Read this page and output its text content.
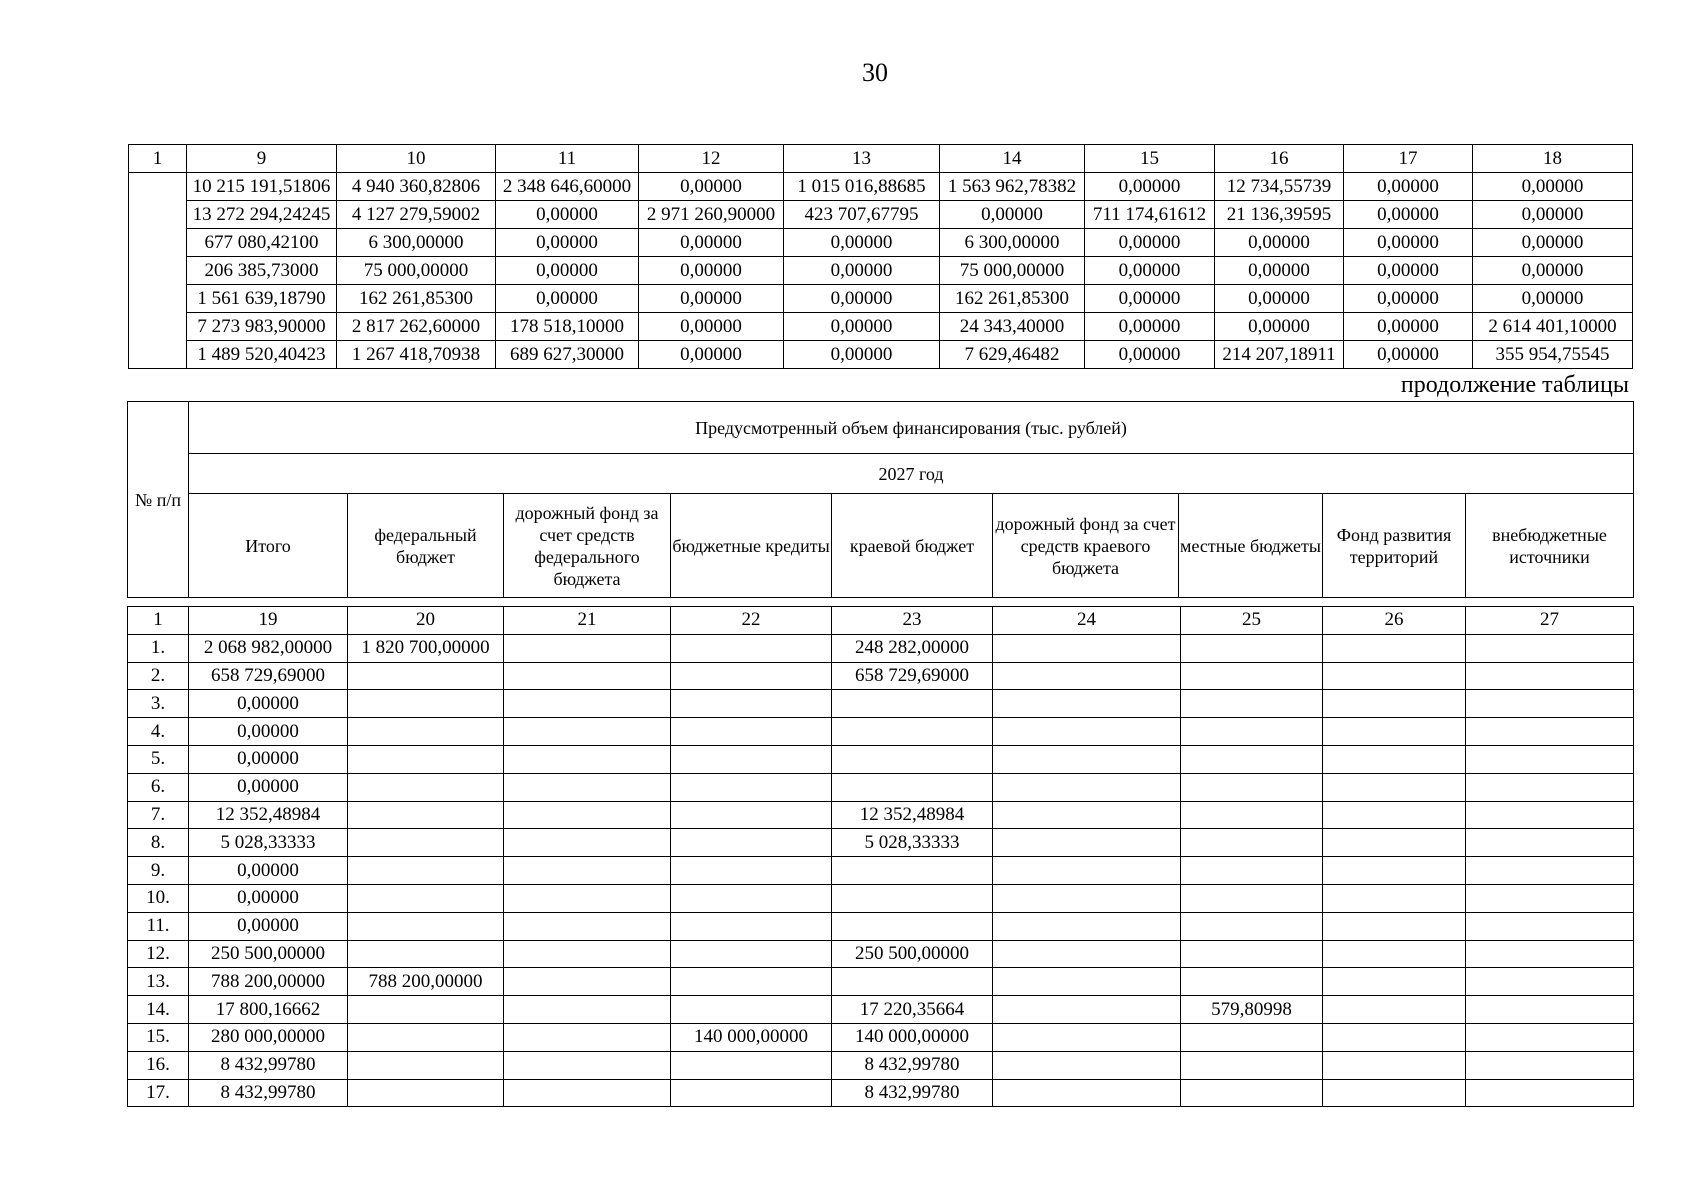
30
1	9	10	11	12	13	14	15	16	17	18
	10 215 191,51806	4 940 360,82806	2 348 646,60000	0,00000	1 015 016,88685	1 563 962,78382	0,00000	12 734,55739	0,00000	0,00000
	13 272 294,24245	4 127 279,59002	0,00000	2 971 260,90000	423 707,67795	0,00000	711 174,61612	21 136,39595	0,00000	0,00000
	677 080,42100	6 300,00000	0,00000	0,00000	0,00000	6 300,00000	0,00000	0,00000	0,00000	0,00000
	206 385,73000	75 000,00000	0,00000	0,00000	0,00000	75 000,00000	0,00000	0,00000	0,00000	0,00000
	1 561 639,18790	162 261,85300	0,00000	0,00000	0,00000	162 261,85300	0,00000	0,00000	0,00000	0,00000
	7 273 983,90000	2 817 262,60000	178 518,10000	0,00000	0,00000	24 343,40000	0,00000	0,00000	0,00000	2 614 401,10000
	1 489 520,40423	1 267 418,70938	689 627,30000	0,00000	0,00000	7 629,46482	0,00000	214 207,18911	0,00000	355 954,75545
продолжение таблицы
№ п/п	Предусмотренный объем финансирования (тыс. рублей)								
	2027 год								
	Итого	федеральный бюджет	дорожный фонд за счет средств федерального бюджета	бюджетные кредиты	краевой бюджет	дорожный фонд за счет средств краевого бюджета	местные бюджеты	Фонд развития территорий	внебюджетные источники
1	19	20	21	22	23	24	25	26	27
1.	2 068 982,00000	1 820 700,00000			248 282,00000				
2.	658 729,69000				658 729,69000				
3.	0,00000								
4.	0,00000								
5.	0,00000								
6.	0,00000								
7.	12 352,48984				12 352,48984				
8.	5 028,33333				5 028,33333				
9.	0,00000								
10.	0,00000								
11.	0,00000								
12.	250 500,00000				250 500,00000				
13.	788 200,00000	788 200,00000							
14.	17 800,16662				17 220,35664		579,80998		
15.	280 000,00000			140 000,00000	140 000,00000				
16.	8 432,99780				8 432,99780				
17.	8 432,99780				8 432,99780				
